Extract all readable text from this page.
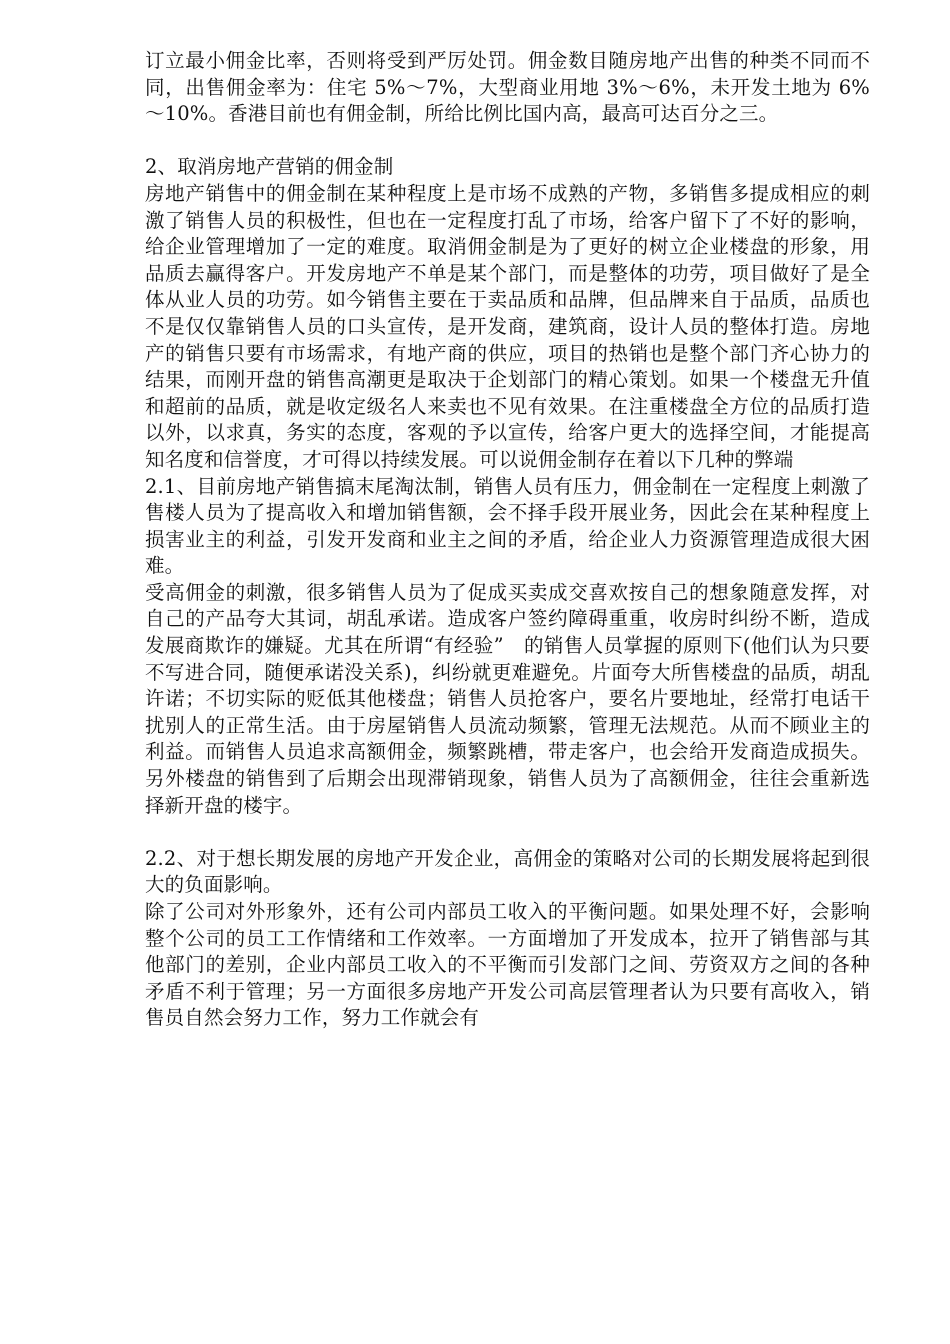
订立最小佣金比率，否则将受到严厉处罚。佣金数目随房地产出售的种类不同而不同，出售佣金率为：住宅 5%～7%，大型商业用地 3%～6%，未开发土地为 6%～10%。香港目前也有佣金制，所给比例比国内高，最高可达百分之三。

2、取消房地产营销的佣金制

房地产销售中的佣金制在某种程度上是市场不成熟的产物，多销售多提成相应的刺激了销售人员的积极性，但也在一定程度打乱了市场，给客户留下了不好的影响，给企业管理增加了一定的难度。取消佣金制是为了更好的树立企业楼盘的形象，用品质去赢得客户。开发房地产不单是某个部门，而是整体的功劳，项目做好了是全体从业人员的功劳。如今销售主要在于卖品质和品牌，但品牌来自于品质，品质也不是仅仅靠销售人员的口头宣传，是开发商，建筑商，设计人员的整体打造。房地产的销售只要有市场需求，有地产商的供应，项目的热销也是整个部门齐心协力的结果，而刚开盘的销售高潮更是取决于企划部门的精心策划。如果一个楼盘无升值和超前的品质，就是收定级名人来卖也不见有效果。在注重楼盘全方位的品质打造以外，以求真，务实的态度，客观的予以宣传，给客户更大的选择空间，才能提高知名度和信誉度，才可得以持续发展。可以说佣金制存在着以下几种的弊端

2.1、目前房地产销售搞末尾淘汰制，销售人员有压力，佣金制在一定程度上刺激了售楼人员为了提高收入和增加销售额，会不择手段开展业务，因此会在某种程度上损害业主的利益，引发开发商和业主之间的矛盾，给企业人力资源管理造成很大困难。

受高佣金的刺激，很多销售人员为了促成买卖成交喜欢按自己的想象随意发挥，对自己的产品夸大其词，胡乱承诺。造成客户签约障碍重重，收房时纠纷不断，造成发展商欺诈的嫌疑。尤其在所谓“有经验”　的销售人员掌握的原则下(他们认为只要不写进合同，随便承诺没关系)，纠纷就更难避免。片面夸大所售楼盘的品质，胡乱许诺；不切实际的贬低其他楼盘；销售人员抢客户，要名片要地址，经常打电话干扰别人的正常生活。由于房屋销售人员流动频繁，管理无法规范。从而不顾业主的利益。而销售人员追求高额佣金，频繁跳槽，带走客户，也会给开发商造成损失。另外楼盘的销售到了后期会出现滞销现象，销售人员为了高额佣金，往往会重新选择新开盘的楼宇。

2.2、对于想长期发展的房地产开发企业，高佣金的策略对公司的长期发展将起到很大的负面影响。

除了公司对外形象外，还有公司内部员工收入的平衡问题。如果处理不好，会影响整个公司的员工工作情绪和工作效率。一方面增加了开发成本，拉开了销售部与其他部门的差别，企业内部员工收入的不平衡而引发部门之间、劳资双方之间的各种矛盾不利于管理；另一方面很多房地产开发公司高层管理者认为只要有高收入，销售员自然会努力工作，努力工作就会有
